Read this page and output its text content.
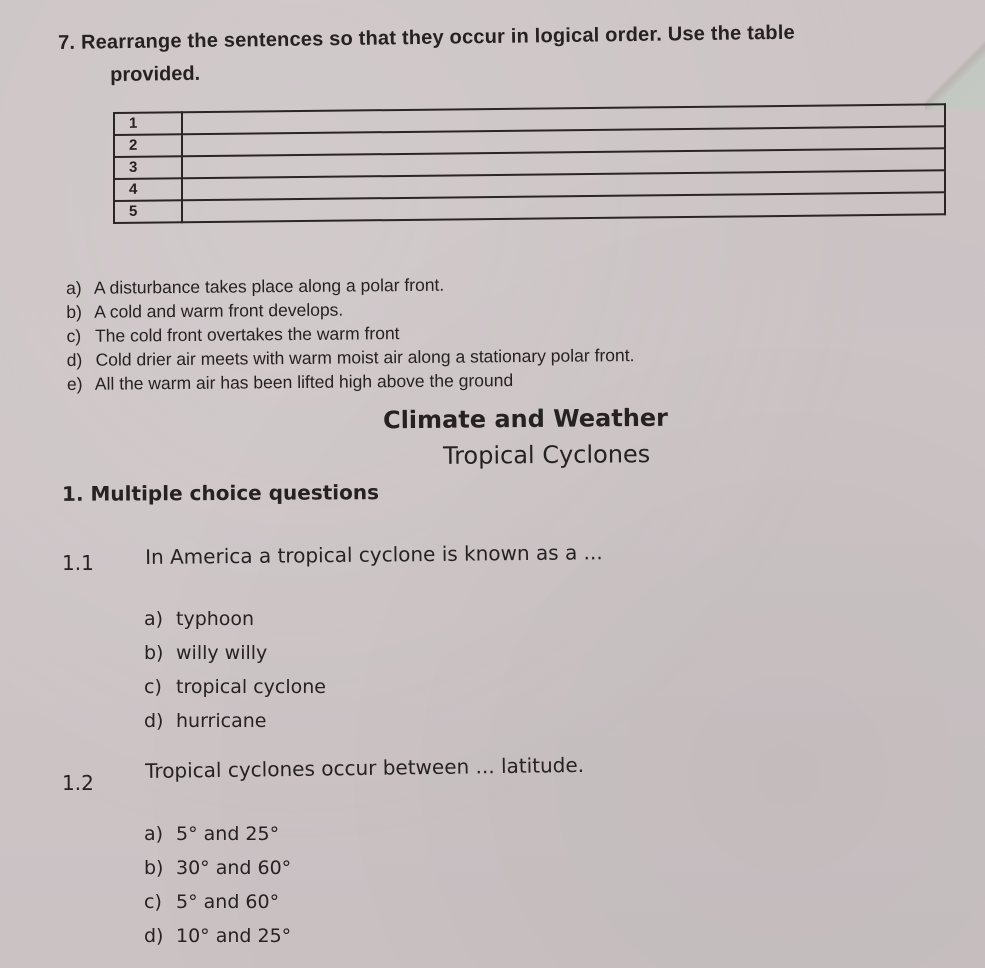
7. Rearrange the sentences so that they occur in logical order. Use the table
provided.
1	
2	
3	
4	
5	
a) A disturbance takes place along a polar front.
b) A cold and warm front develops.
c) The cold front overtakes the warm front
d) Cold drier air meets with warm moist air along a stationary polar front.
e) All the warm air has been lifted high above the ground
Climate and Weather
Tropical Cyclones
1. Multiple choice questions
1.1	In America a tropical cyclone is known as a ...
a) typhoon
b) willy willy
c) tropical cyclone
d) hurricane
1.2
Tropical cyclones occur between ... latitude.
a) 5° and 25°
b) 30° and 60°
c) 5° and 60°
d) 10° and 25°
